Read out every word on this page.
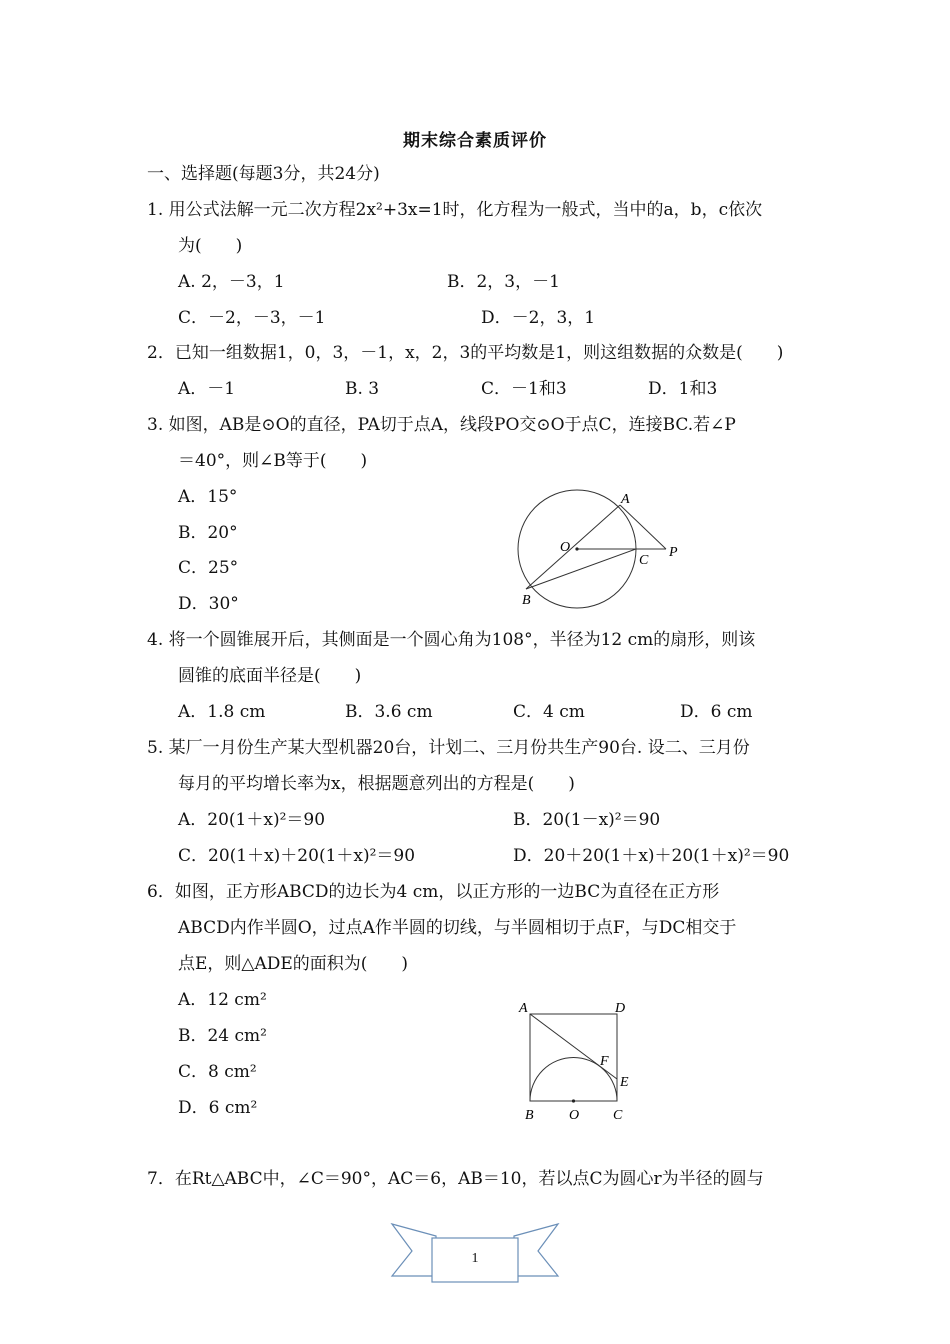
期末综合素质评价
一、选择题(每题3分，共24分)
1. 用公式法解一元二次方程2x²+3x=1时，化方程为一般式，当中的a，b，c依次
为(　　)
A. 2，－3，1	B．2，3，－1
C．－2，－3，－1	D．－2，3，1
2．已知一组数据1，0，3，－1，x，2，3的平均数是1，则这组数据的众数是(　　)
A．－1	B. 3	C．－1和3	D．1和3
3. 如图，AB是⊙O的直径，PA切于点A，线段PO交⊙O于点C，连接BC.若∠P
＝40°，则∠B等于(　　)
A．15°
B．20°
C．25°
D．30°
A
O
C
P
B
4. 将一个圆锥展开后，其侧面是一个圆心角为108°，半径为12 cm的扇形，则该
圆锥的底面半径是(　　)
A．1.8 cm	B．3.6 cm	C．4 cm	D．6 cm
5. 某厂一月份生产某大型机器20台，计划二、三月份共生产90台. 设二、三月份
每月的平均增长率为x，根据题意列出的方程是(　　)
A．20(1＋x)²＝90	B．20(1－x)²＝90
C．20(1＋x)＋20(1＋x)²＝90	D．20＋20(1＋x)＋20(1＋x)²＝90
6．如图，正方形ABCD的边长为4 cm，以正方形的一边BC为直径在正方形
ABCD内作半圆O，过点A作半圆的切线，与半圆相切于点F，与DC相交于
点E，则△ADE的面积为(　　)
A．12 cm²
B．24 cm²
C．8 cm²
D．6 cm²
A	D
F
E
B	O C
7．在Rt△ABC中，∠C＝90°，AC＝6，AB＝10，若以点C为圆心r为半径的圆与
1
